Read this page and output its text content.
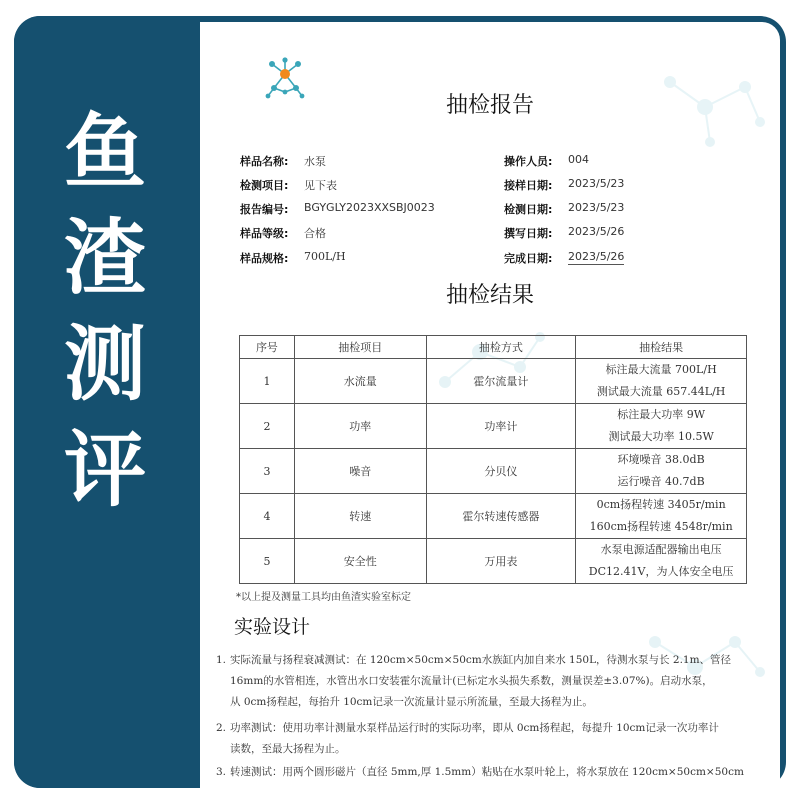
鱼
渣
测
评
抽检报告
样品名称: 水泵
检测项目: 见下表
报告编号: BGYGLY2023XXSBJ0023
样品等级: 合格
样品规格: 700L/H
操作人员: 004
接样日期: 2023/5/23
检测日期: 2023/5/23
撰写日期: 2023/5/26
完成日期: 2023/5/26
抽检结果
序号	抽检项目	抽检方式	抽检结果
1	水流量	霍尔流量计	标注最大流量 700L/H
测试最大流量 657.44L/H

2	功率	功率计	标注最大功率 9W
测试最大功率 10.5W

3	噪音	分贝仪	环境噪音 38.0dB
运行噪音 40.7dB

4	转速	霍尔转速传感器	0cm扬程转速 3405r/min
160cm扬程转速 4548r/min

5	安全性	万用表	水泵电源适配器输出电压
DC12.41V，为人体安全电压
*以上提及测量工具均由鱼渣实验室标定
实验设计
1. 实际流量与扬程衰减测试：在 120cm×50cm×50cm水族缸内加自来水 150L，待测水泵与长 2.1m、管径
16mm的水管相连，水管出水口安装霍尔流量计(已标定水头损失系数，测量误差±3.07%)。启动水泵，
从 0cm扬程起，每抬升 10cm记录一次流量计显示所流量，至最大扬程为止。
2. 功率测试：使用功率计测量水泵样品运行时的实际功率，即从 0cm扬程起，每提升 10cm记录一次功率计
读数，至最大扬程为止。
3. 转速测试：用两个圆形磁片（直径 5mm,厚 1.5mm）粘贴在水泵叶轮上，将水泵放在 120cm×50cm×50cm
